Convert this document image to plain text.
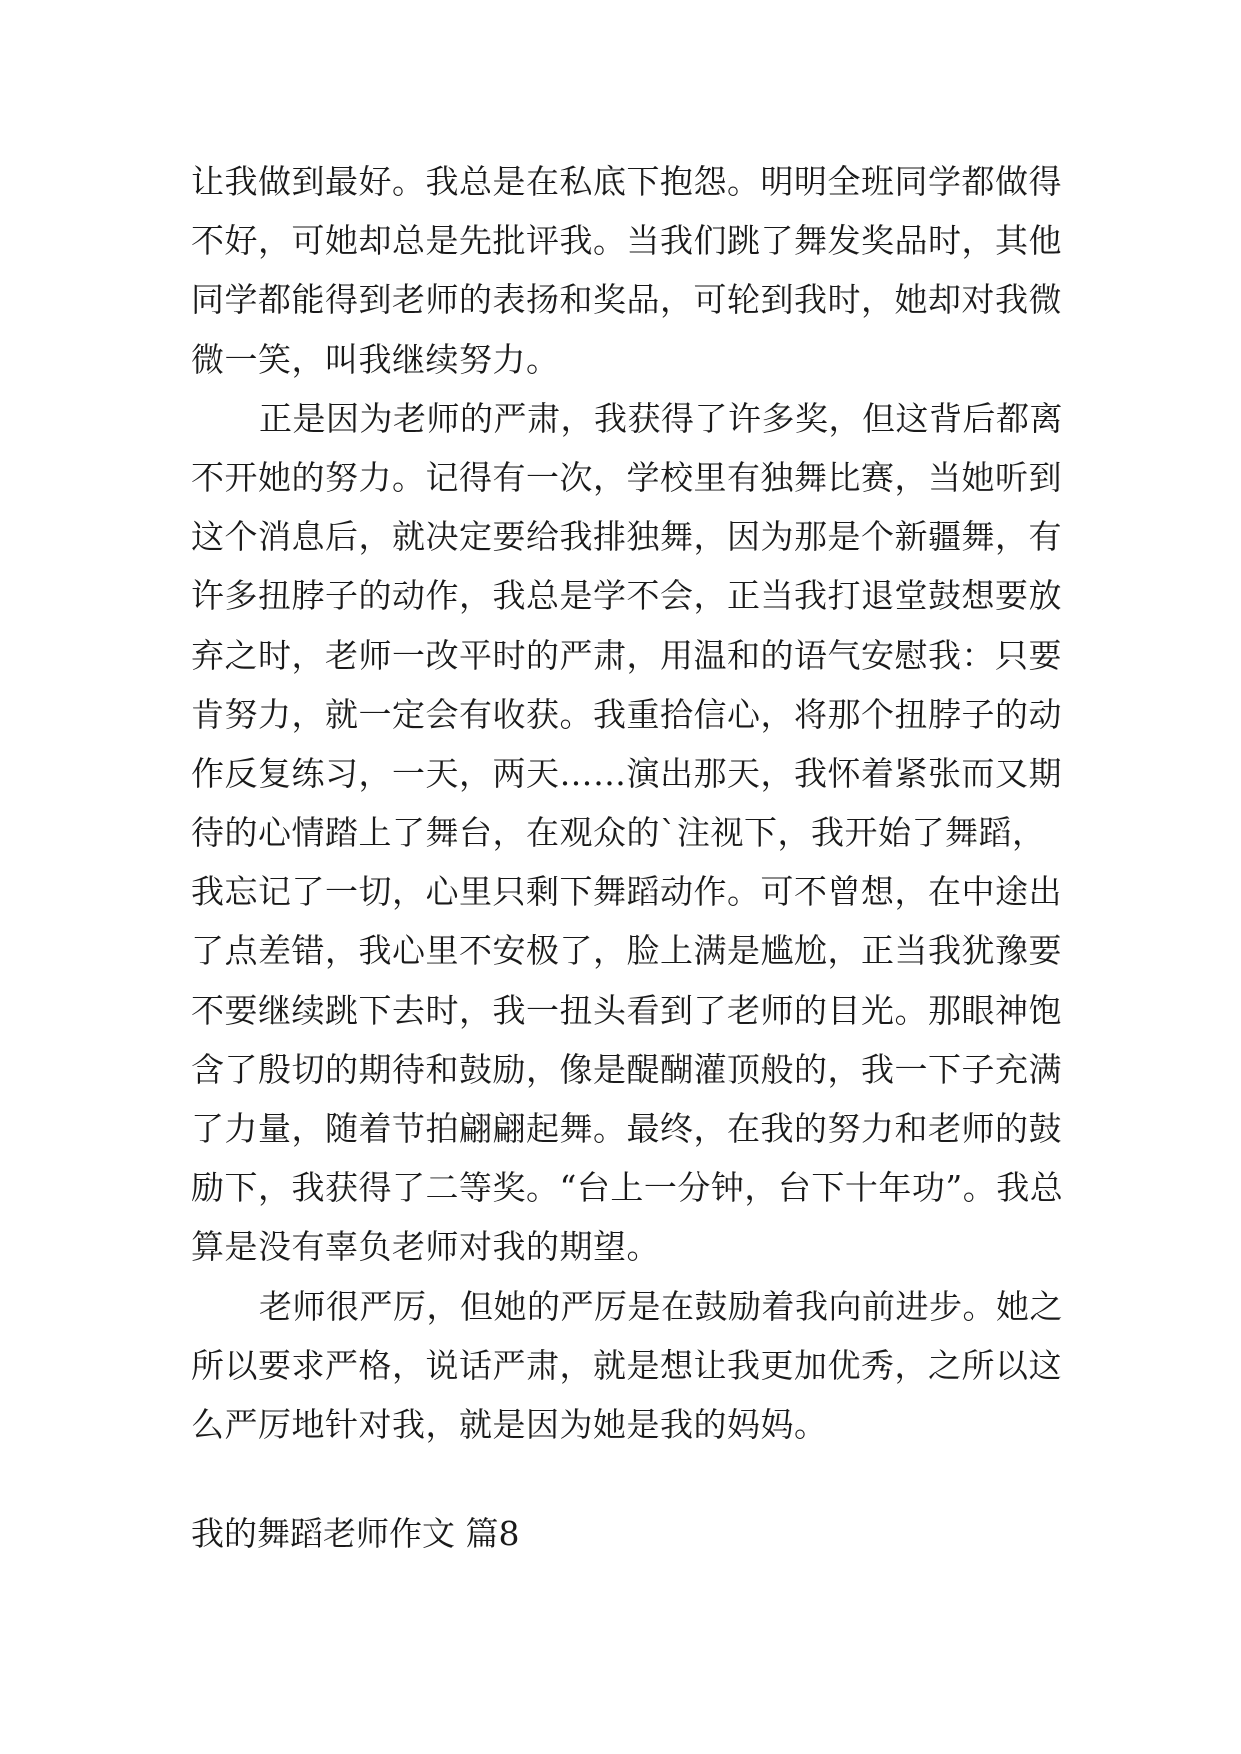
让我做到最好。我总是在私底下抱怨。明明全班同学都做得
不好，可她却总是先批评我。当我们跳了舞发奖品时，其他
同学都能得到老师的表扬和奖品，可轮到我时，她却对我微
微一笑，叫我继续努力。
正是因为老师的严肃，我获得了许多奖，但这背后都离
不开她的努力。记得有一次，学校里有独舞比赛，当她听到
这个消息后，就决定要给我排独舞，因为那是个新疆舞，有
许多扭脖子的动作，我总是学不会，正当我打退堂鼓想要放
弃之时，老师一改平时的严肃，用温和的语气安慰我：只要
肯努力，就一定会有收获。我重拾信心，将那个扭脖子的动
作反复练习，一天，两天……演出那天，我怀着紧张而又期
待的心情踏上了舞台，在观众的`注视下，我开始了舞蹈，
我忘记了一切，心里只剩下舞蹈动作。可不曾想，在中途出
了点差错，我心里不安极了，脸上满是尴尬，正当我犹豫要
不要继续跳下去时，我一扭头看到了老师的目光。那眼神饱
含了殷切的期待和鼓励，像是醍醐灌顶般的，我一下子充满
了力量，随着节拍翩翩起舞。最终，在我的努力和老师的鼓
励下，我获得了二等奖。“台上一分钟，台下十年功”。我总
算是没有辜负老师对我的期望。
老师很严厉，但她的严厉是在鼓励着我向前进步。她之
所以要求严格，说话严肃，就是想让我更加优秀，之所以这
么严厉地针对我，就是因为她是我的妈妈。
我的舞蹈老师作文 篇8
